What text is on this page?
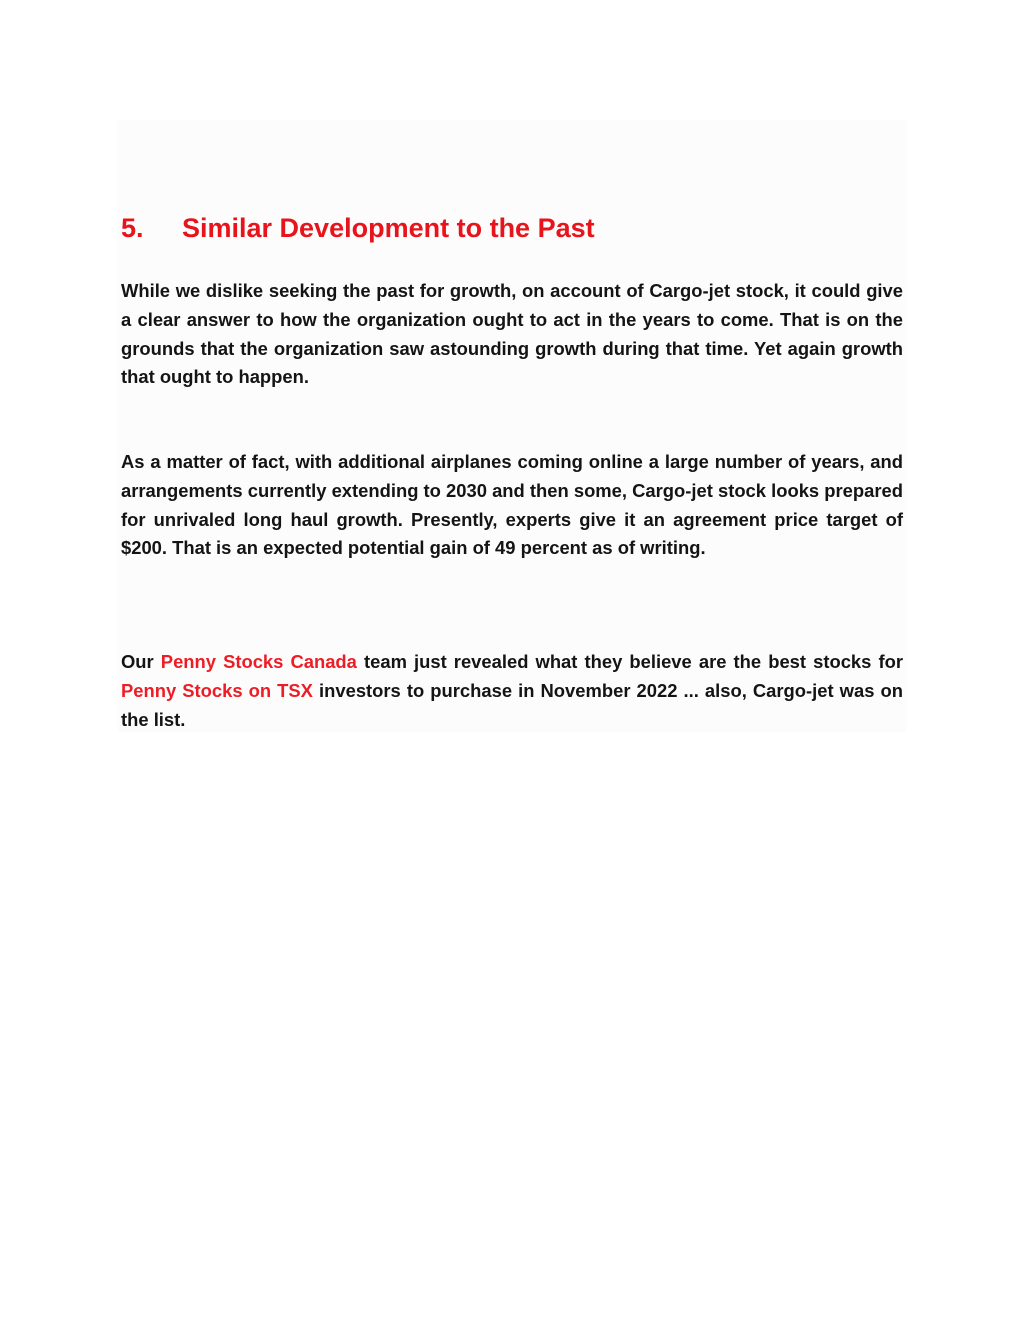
5. Similar Development to the Past

While we dislike seeking the past for growth, on account of Cargo-jet stock, it could give a clear answer to how the organization ought to act in the years to come. That is on the grounds that the organization saw astounding growth during that time. Yet again growth that ought to happen.

As a matter of fact, with additional airplanes coming online a large number of years, and arrangements currently extending to 2030 and then some, Cargo-jet stock looks prepared for unrivaled long haul growth. Presently, experts give it an agreement price target of $200. That is an expected potential gain of 49 percent as of writing.

Our Penny Stocks Canada team just revealed what they believe are the best stocks for Penny Stocks on TSX investors to purchase in November 2022 ... also, Cargo-jet was on the list.
